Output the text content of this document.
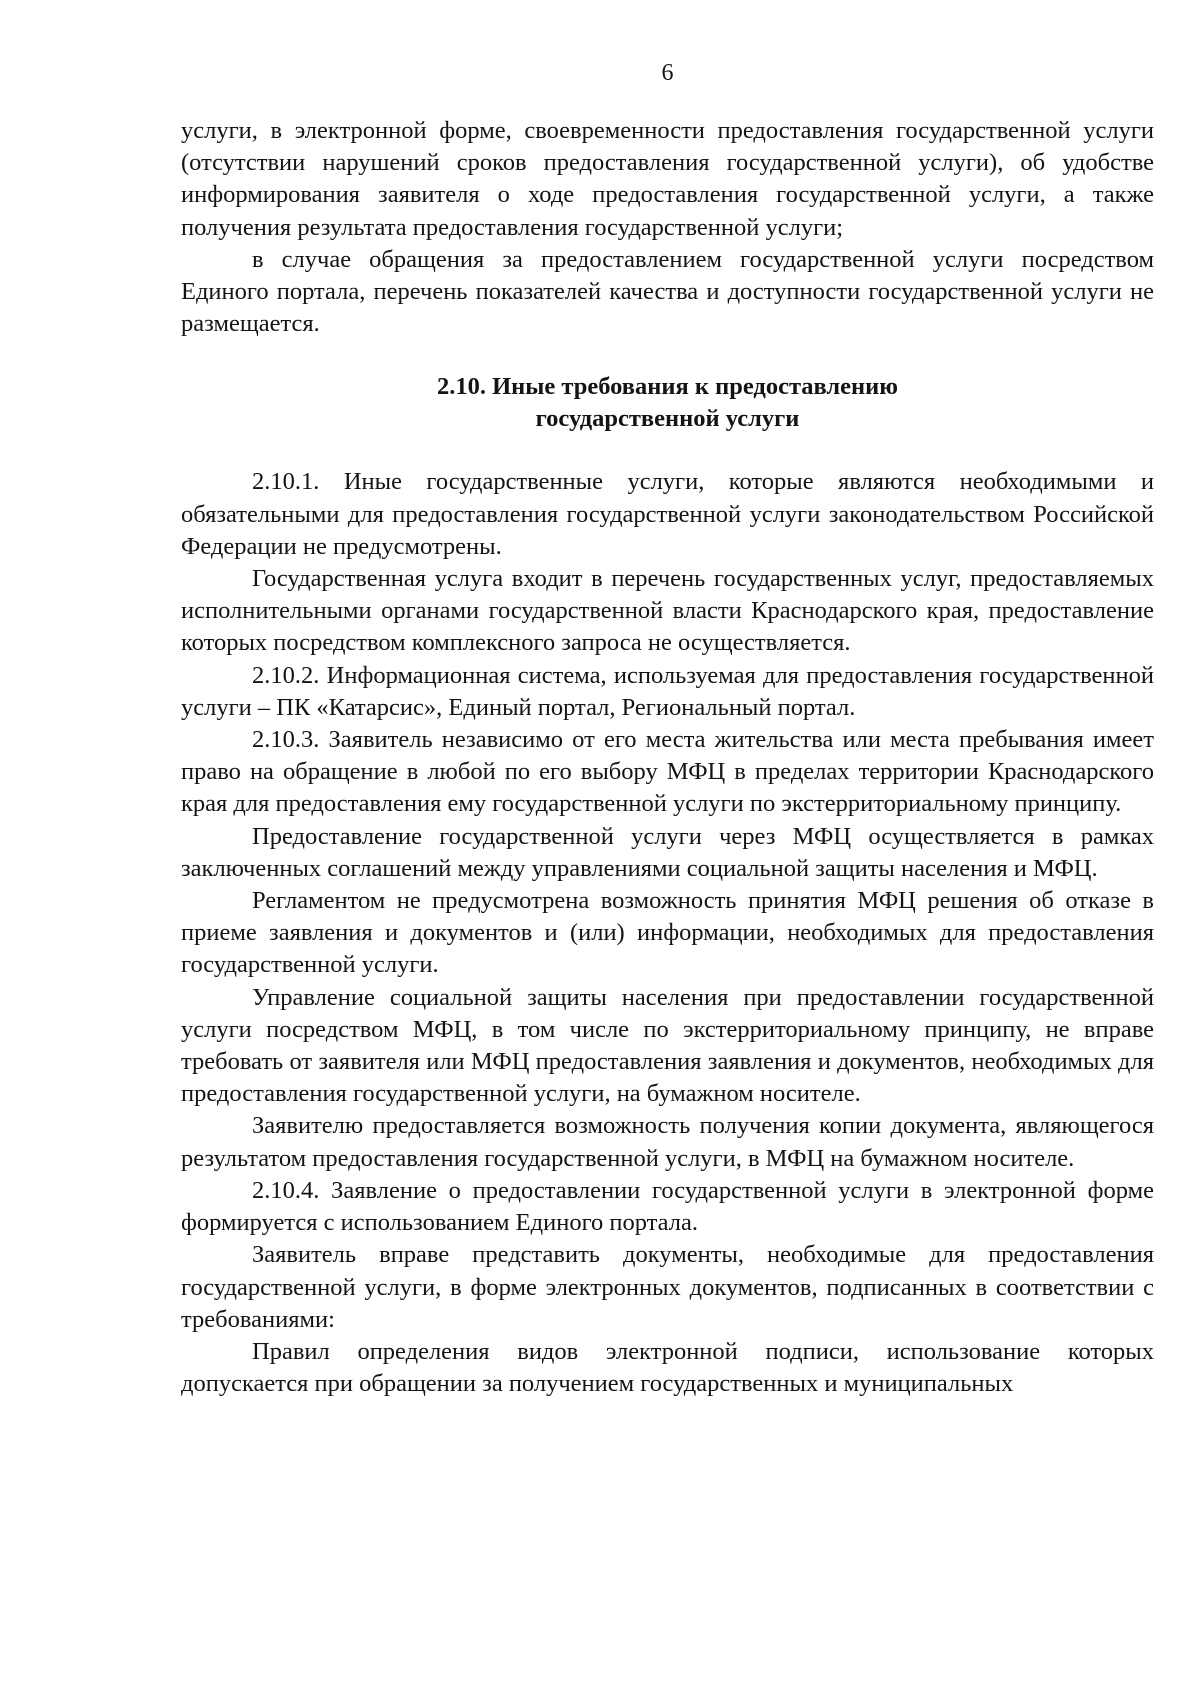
6

услуги, в электронной форме, своевременности предоставления государственной услуги (отсутствии нарушений сроков предоставления государственной услуги), об удобстве информирования заявителя о ходе предоставления государственной услуги, а также получения результата предоставления государственной услуги;

в случае обращения за предоставлением государственной услуги посредством Единого портала, перечень показателей качества и доступности государственной услуги не размещается.

2.10. Иные требования к предоставлению
государственной услуги

2.10.1. Иные государственные услуги, которые являются необходимыми и обязательными для предоставления государственной услуги законодательством Российской Федерации не предусмотрены.

Государственная услуга входит в перечень государственных услуг, предоставляемых исполнительными органами государственной власти Краснодарского края, предоставление которых посредством комплексного запроса не осуществляется.

2.10.2. Информационная система, используемая для предоставления государственной услуги – ПК «Катарсис», Единый портал, Региональный портал.

2.10.3. Заявитель независимо от его места жительства или места пребывания имеет право на обращение в любой по его выбору МФЦ в пределах территории Краснодарского края для предоставления ему государственной услуги по экстерриториальному принципу.

Предоставление государственной услуги через МФЦ осуществляется в рамках заключенных соглашений между управлениями социальной защиты населения и МФЦ.

Регламентом не предусмотрена возможность принятия МФЦ решения об отказе в приеме заявления и документов и (или) информации, необходимых для предоставления государственной услуги.

Управление социальной защиты населения при предоставлении государственной услуги посредством МФЦ, в том числе по экстерриториальному принципу, не вправе требовать от заявителя или МФЦ предоставления заявления и документов, необходимых для предоставления государственной услуги, на бумажном носителе.

Заявителю предоставляется возможность получения копии документа, являющегося результатом предоставления государственной услуги, в МФЦ на бумажном носителе.

2.10.4. Заявление о предоставлении государственной услуги в электронной форме формируется с использованием Единого портала.

Заявитель вправе представить документы, необходимые для предоставления государственной услуги, в форме электронных документов, подписанных в соответствии с требованиями:

Правил определения видов электронной подписи, использование которых допускается при обращении за получением государственных и муниципальных
